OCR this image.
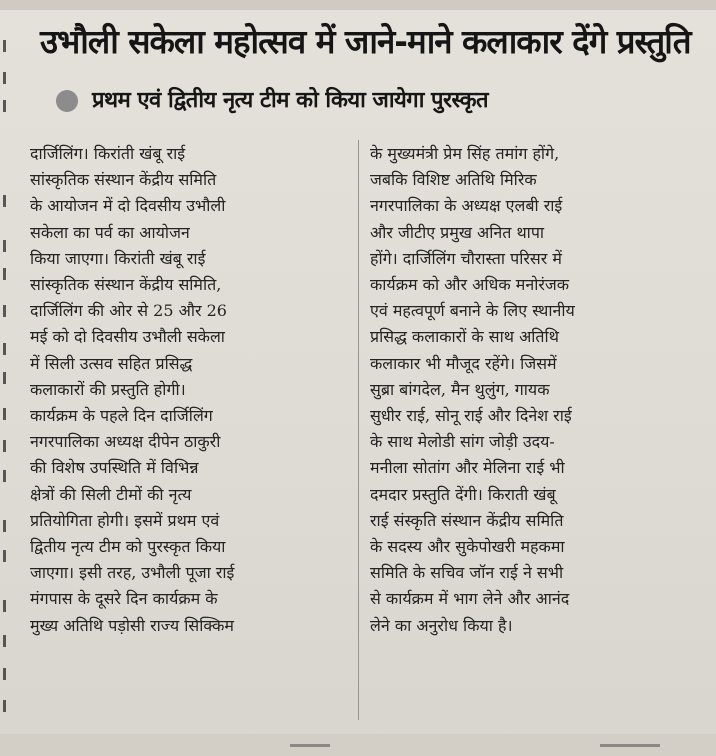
उभौली सकेला महोत्सव में जाने-माने कलाकार देंगे प्रस्तुति
प्रथम एवं द्वितीय नृत्य टीम को किया जायेगा पुरस्कृत
दार्जिलिंग। किरांती खंबू राई
सांस्कृतिक संस्थान केंद्रीय समिति
के आयोजन में दो दिवसीय उभौली
सकेला का पर्व का आयोजन
किया जाएगा। किरांती खंबू राई
सांस्कृतिक संस्थान केंद्रीय समिति,
दार्जिलिंग की ओर से 25 और 26
मई को दो दिवसीय उभौली सकेला
में सिली उत्सव सहित प्रसिद्ध
कलाकारों की प्रस्तुति होगी।
कार्यक्रम के पहले दिन दार्जिलिंग
नगरपालिका अध्यक्ष दीपेन ठाकुरी
की विशेष उपस्थिति में विभिन्न
क्षेत्रों की सिली टीमों की नृत्य
प्रतियोगिता होगी। इसमें प्रथम एवं
द्वितीय नृत्य टीम को पुरस्कृत किया
जाएगा। इसी तरह, उभौली पूजा राई
मंगपास के दूसरे दिन कार्यक्रम के
मुख्य अतिथि पड़ोसी राज्य सिक्किम
के मुख्यमंत्री प्रेम सिंह तमांग होंगे,
जबकि विशिष्ट अतिथि मिरिक
नगरपालिका के अध्यक्ष एलबी राई
और जीटीए प्रमुख अनित थापा
होंगे। दार्जिलिंग चौरास्ता परिसर में
कार्यक्रम को और अधिक मनोरंजक
एवं महत्वपूर्ण बनाने के लिए स्थानीय
प्रसिद्ध कलाकारों के साथ अतिथि
कलाकार भी मौजूद रहेंगे। जिसमें
सुब्रा बांगदेल, मैन थुलुंग, गायक
सुधीर राई, सोनू राई और दिनेश राई
के साथ मेलोडी सांग जोड़ी उदय-
मनीला सोतांग और मेलिना राई भी
दमदार प्रस्तुति देंगी। किराती खंबू
राई संस्कृति संस्थान केंद्रीय समिति
के सदस्य और सुकेपोखरी महकमा
समिति के सचिव जॉन राई ने सभी
से कार्यक्रम में भाग लेने और आनंद
लेने का अनुरोध किया है।
